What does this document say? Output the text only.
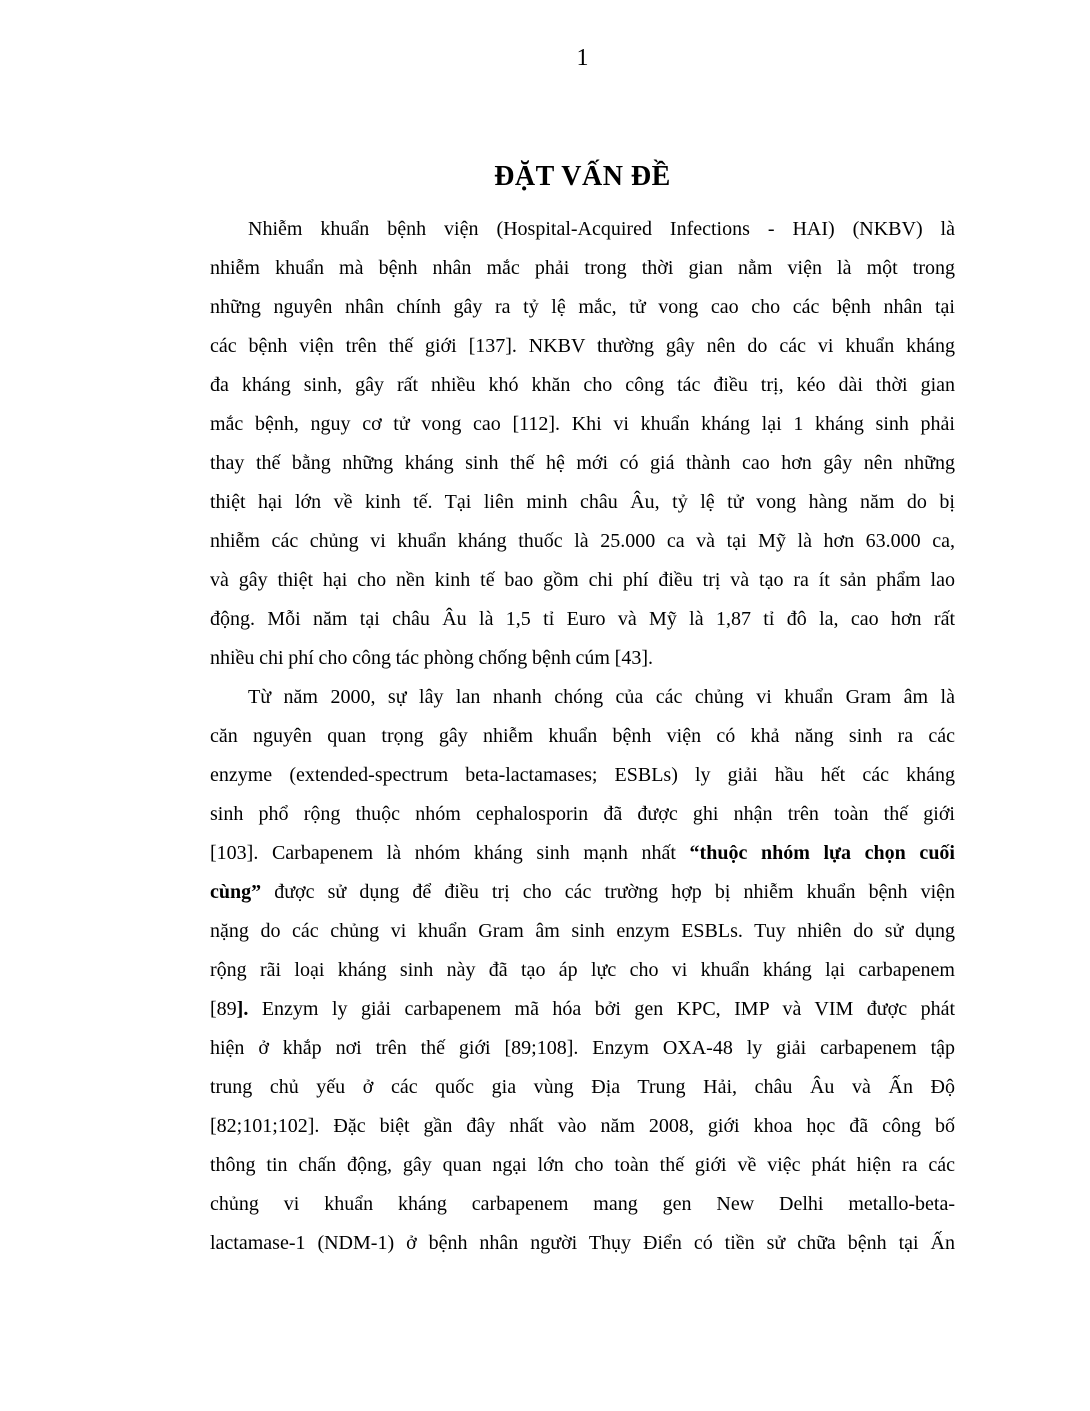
1
ĐẶT VẤN ĐỀ
Nhiễm khuẩn bệnh viện (Hospital-Acquired Infections - HAI) (NKBV) là
nhiễm khuẩn mà bệnh nhân mắc phải trong thời gian nằm viện là một trong
những nguyên nhân chính gây ra tỷ lệ mắc, tử vong cao cho các bệnh nhân tại
các bệnh viện trên thế giới [137]. NKBV thường gây nên do các vi khuẩn kháng
đa kháng sinh, gây rất nhiều khó khăn cho công tác điều trị, kéo dài thời gian
mắc bệnh, nguy cơ tử vong cao [112]. Khi vi khuẩn kháng lại 1 kháng sinh phải
thay thế bằng những kháng sinh thế hệ mới có giá thành cao hơn gây nên những
thiệt hại lớn về kinh tế. Tại liên minh châu Âu, tỷ lệ tử vong hàng năm do bị
nhiễm các chủng vi khuẩn kháng thuốc là 25.000 ca và tại Mỹ là hơn 63.000 ca,
và gây thiệt hại cho nền kinh tế bao gồm chi phí điều trị và tạo ra ít sản phẩm lao
động. Mỗi năm tại châu Âu là 1,5 tỉ Euro và Mỹ là 1,87 tỉ đô la, cao hơn rất
nhiều chi phí cho công tác phòng chống bệnh cúm [43].
Từ năm 2000, sự lây lan nhanh chóng của các chủng vi khuẩn Gram âm là
căn nguyên quan trọng gây nhiễm khuẩn bệnh viện có khả năng sinh ra các
enzyme (extended-spectrum beta-lactamases; ESBLs) ly giải hầu hết các kháng
sinh phổ rộng thuộc nhóm cephalosporin đã được ghi nhận trên toàn thế giới
[103]. Carbapenem là nhóm kháng sinh mạnh nhất “thuộc nhóm lựa chọn cuối
cùng” được sử dụng để điều trị cho các trường hợp bị nhiễm khuẩn bệnh viện
nặng do các chủng vi khuẩn Gram âm sinh enzym ESBLs. Tuy nhiên do sử dụng
rộng rãi loại kháng sinh này đã tạo áp lực cho vi khuẩn kháng lại carbapenem
[89]. Enzym ly giải carbapenem mã hóa bởi gen KPC, IMP và VIM được phát
hiện ở khắp nơi trên thế giới [89;108]. Enzym OXA-48 ly giải carbapenem tập
trung chủ yếu ở các quốc gia vùng Địa Trung Hải, châu Âu và Ấn Độ
[82;101;102]. Đặc biệt gần đây nhất vào năm 2008, giới khoa học đã công bố
thông tin chấn động, gây quan ngại lớn cho toàn thế giới về việc phát hiện ra các
chủng vi khuẩn kháng carbapenem mang gen New Delhi metallo-beta-
lactamase-1 (NDM-1) ở bệnh nhân người Thụy Điển có tiền sử chữa bệnh tại Ấn
